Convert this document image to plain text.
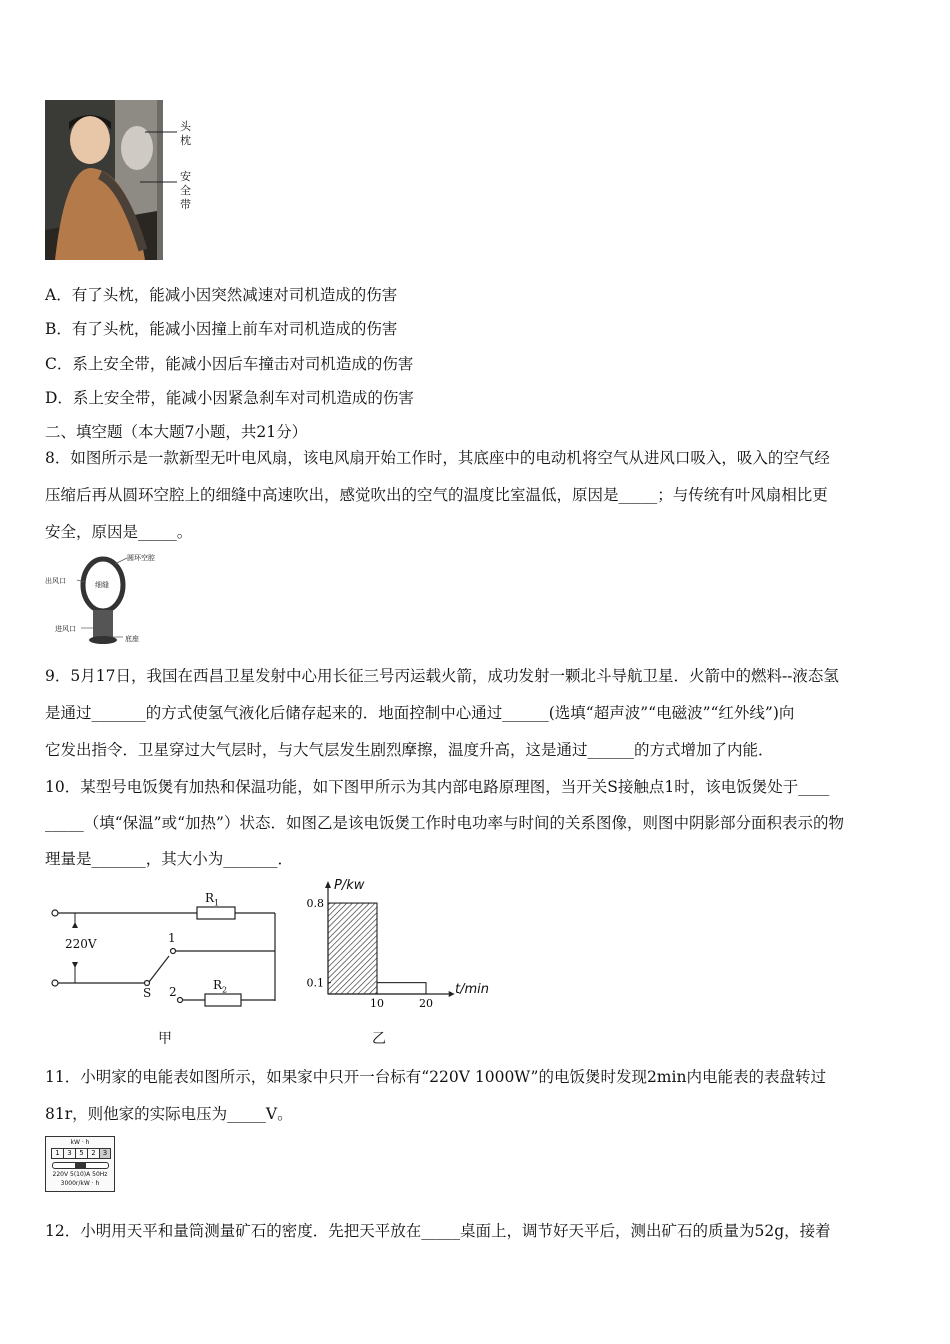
头枕
安全带
A．有了头枕，能减小因突然减速对司机造成的伤害
B．有了头枕，能减小因撞上前车对司机造成的伤害
C．系上安全带，能减小因后车撞击对司机造成的伤害
D．系上安全带，能减小因紧急刹车对司机造成的伤害
二、填空题（本大题7小题，共21分）
8．如图所示是一款新型无叶电风扇，该电风扇开始工作时，其底座中的电动机将空气从进风口吸入，吸入的空气经
压缩后再从圆环空腔上的细缝中高速吹出，感觉吹出的空气的温度比室温低，原因是_____；与传统有叶风扇相比更
安全，原因是_____。
圆环空腔
出风口	细缝
进风口
底座
9．5月17日，我国在西昌卫星发射中心用长征三号丙运载火箭，成功发射一颗北斗导航卫星．火箭中的燃料--液态氢
是通过_______的方式使氢气液化后储存起来的．地面控制中心通过______(选填“超声波”“电磁波”“红外线”)向
它发出指令．卫星穿过大气层时，与大气层发生剧烈摩擦，温度升高，这是通过______的方式增加了内能．
10．某型号电饭煲有加热和保温功能，如下图甲所示为其内部电路原理图，当开关S接触点1时，该电饭煲处于____
_____（填“保温”或“加热”）状态．如图乙是该电饭煲工作时电功率与时间的关系图像，则图中阴影部分面积表示的物
理量是_______，其大小为_______．
220V
$R_1$
$R_2$
1
2
S
甲
0.8
0.1
10	20
P/kw
t/min
乙
11．小明家的电能表如图所示，如果家中只开一台标有“220V 1000W”的电饭煲时发现2min内电能表的表盘转过
81r，则他家的实际电压为_____V。
kW · h
1	3	5	2	3
220V 5(10)A 50Hz
3000r/kW · h
12．小明用天平和量筒测量矿石的密度．先把天平放在_____桌面上，调节好天平后，测出矿石的质量为52g，接着
